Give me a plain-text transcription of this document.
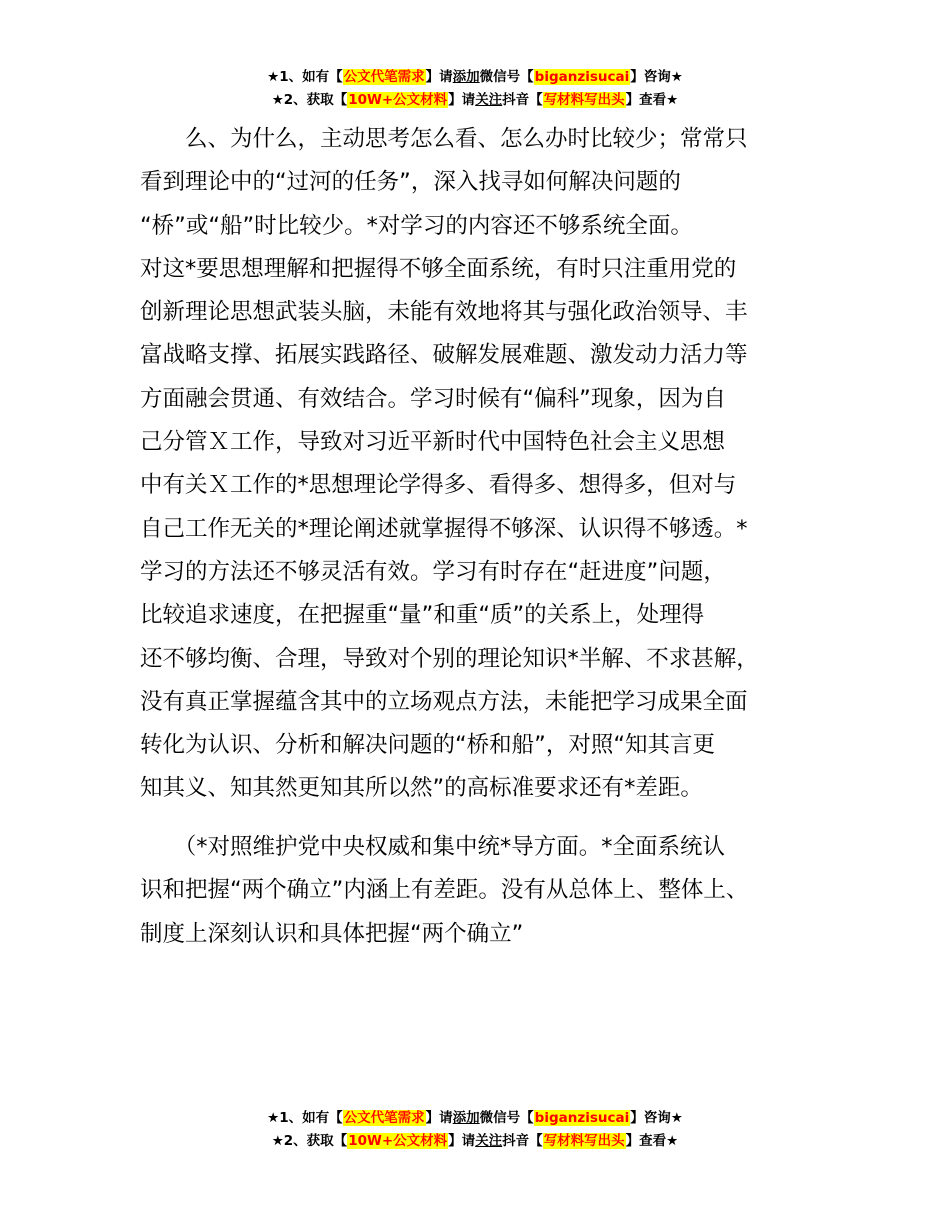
★1、如有【公文代笔需求】请添加微信号【biganzisucai】咨询★
★2、获取【10W+公文材料】请关注抖音【写材料写出头】查看★
　　么、为什么，主动思考怎么看、怎么办时比较少；常常只
看到理论中的“过河的任务”，深入找寻如何解决问题的
“桥”或“船”时比较少。*对学习的内容还不够系统全面。
对这*要思想理解和把握得不够全面系统，有时只注重用党的
创新理论思想武装头脑，未能有效地将其与强化政治领导、丰
富战略支撑、拓展实践路径、破解发展难题、激发动力活力等
方面融会贯通、有效结合。学习时候有“偏科”现象，因为自
己分管Ｘ工作，导致对习近平新时代中国特色社会主义思想
中有关Ｘ工作的*思想理论学得多、看得多、想得多，但对与
自己工作无关的*理论阐述就掌握得不够深、认识得不够透。*
学习的方法还不够灵活有效。学习有时存在“赶进度”问题，
比较追求速度，在把握重“量”和重“质”的关系上，处理得
还不够均衡、合理，导致对个别的理论知识*半解、不求甚解，
没有真正掌握蕴含其中的立场观点方法，未能把学习成果全面
转化为认识、分析和解决问题的“桥和船”，对照“知其言更
知其义、知其然更知其所以然”的高标准要求还有*差距。
　　（*对照维护党中央权威和集中统*导方面。*全面系统认
识和把握“两个确立”内涵上有差距。没有从总体上、整体上、
制度上深刻认识和具体把握“两个确立”
★1、如有【公文代笔需求】请添加微信号【biganzisucai】咨询★
★2、获取【10W+公文材料】请关注抖音【写材料写出头】查看★
